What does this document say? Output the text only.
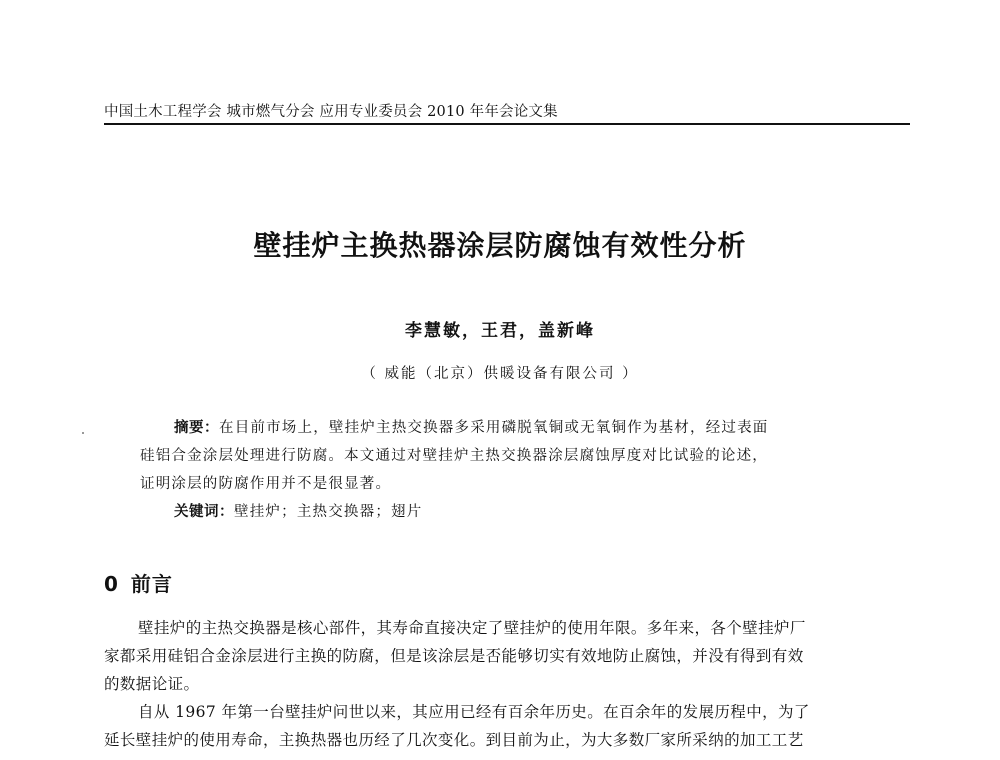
中国土木工程学会 城市燃气分会 应用专业委员会 2010 年年会论文集
壁挂炉主换热器涂层防腐蚀有效性分析
李慧敏，王君，盖新峰
（ 威能（北京）供暖设备有限公司 ）
摘要：在目前市场上，壁挂炉主热交换器多采用磷脱氧铜或无氧铜作为基材，经过表面
硅铝合金涂层处理进行防腐。本文通过对壁挂炉主热交换器涂层腐蚀厚度对比试验的论述，
证明涂层的防腐作用并不是很显著。
关键词：壁挂炉；主热交换器；翅片
0 前言
壁挂炉的主热交换器是核心部件，其寿命直接决定了壁挂炉的使用年限。多年来，各个壁挂炉厂
家都采用硅铝合金涂层进行主换的防腐，但是该涂层是否能够切实有效地防止腐蚀，并没有得到有效
的数据论证。
自从 1967 年第一台壁挂炉问世以来，其应用已经有百余年历史。在百余年的发展历程中，为了
延长壁挂炉的使用寿命，主换热器也历经了几次变化。到目前为止，为大多数厂家所采纳的加工工艺
